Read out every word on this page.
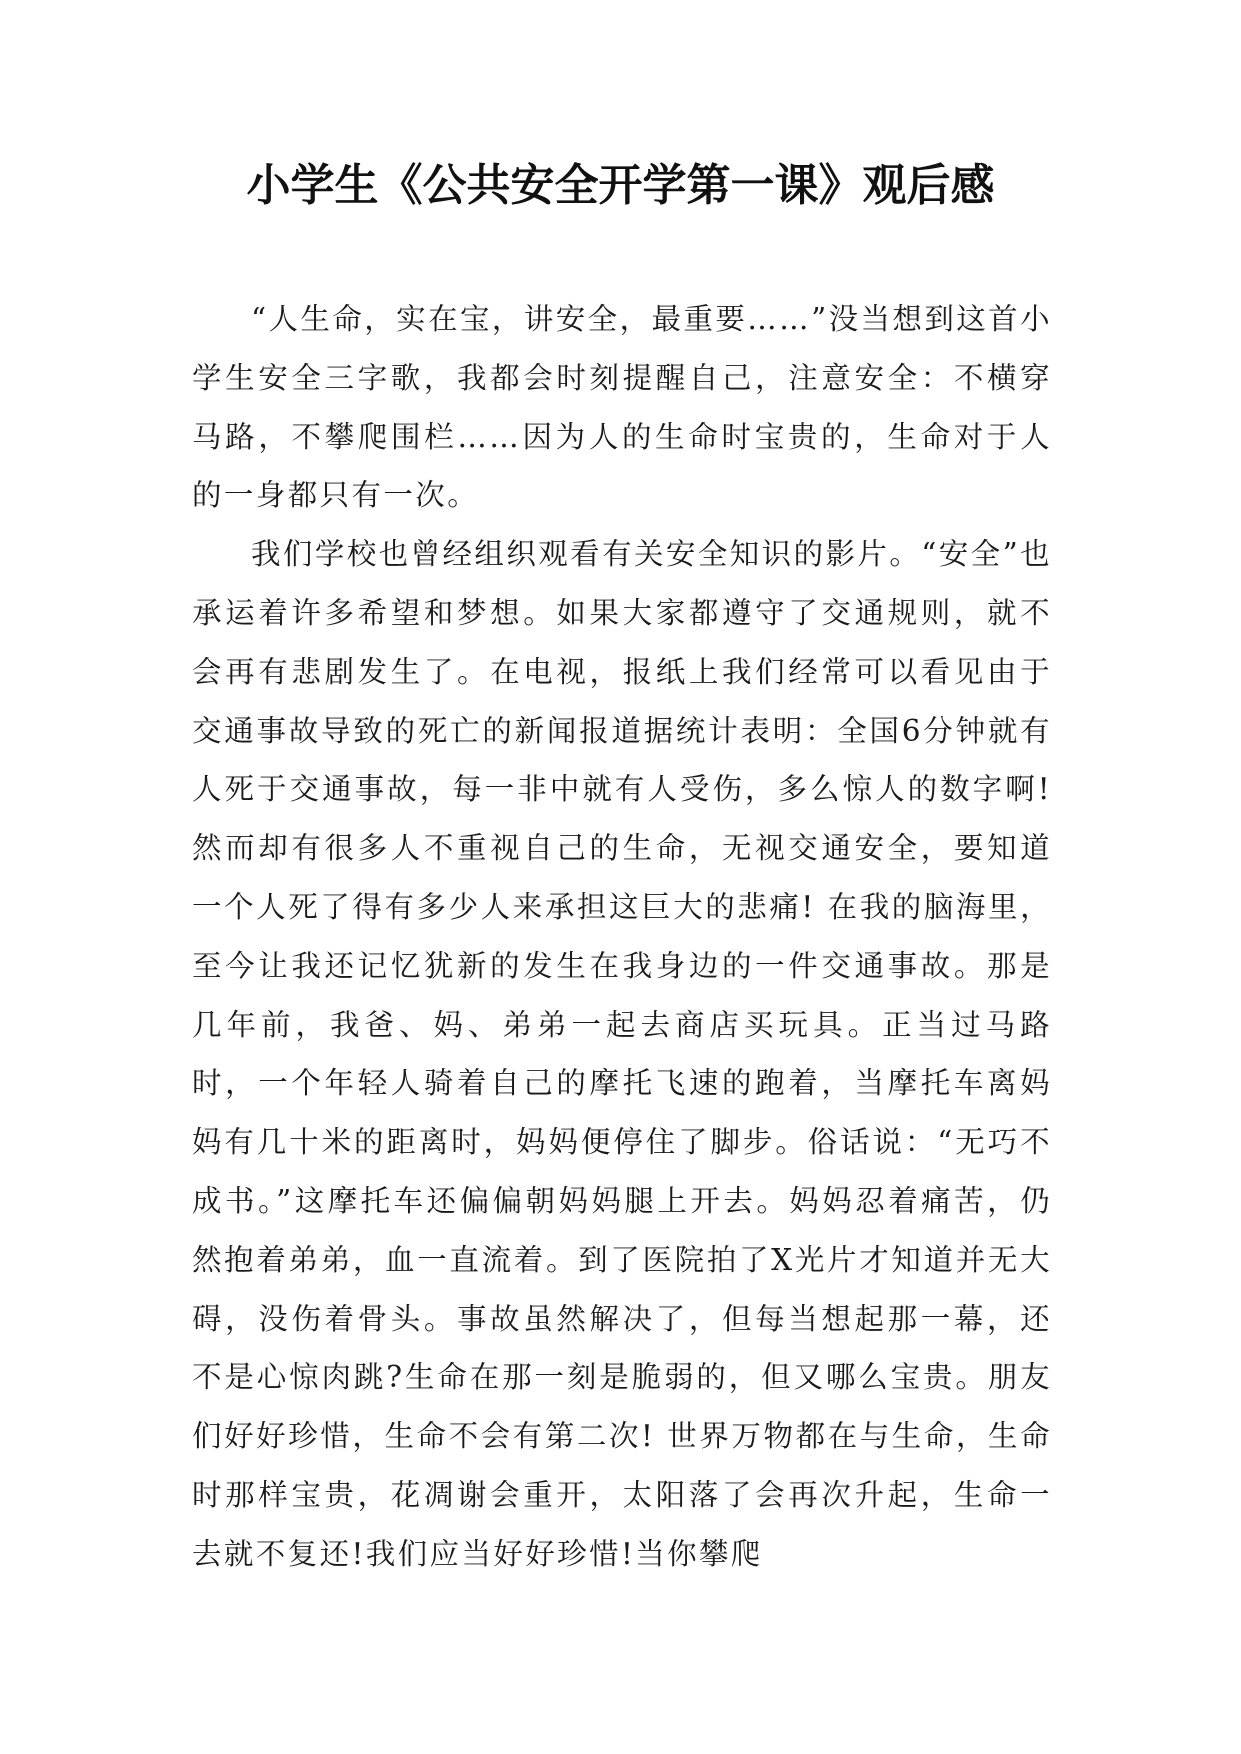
小学生《公共安全开学第一课》观后感

“人生命，实在宝，讲安全，最重要……”没当想到这首小学生安全三字歌，我都会时刻提醒自己，注意安全：不横穿马路，不攀爬围栏……因为人的生命时宝贵的，生命对于人的一身都只有一次。

我们学校也曾经组织观看有关安全知识的影片。“安全”也承运着许多希望和梦想。如果大家都遵守了交通规则，就不会再有悲剧发生了。在电视，报纸上我们经常可以看见由于交通事故导致的死亡的新闻报道据统计表明：全国6分钟就有人死于交通事故，每一非中就有人受伤，多么惊人的数字啊!然而却有很多人不重视自己的生命，无视交通安全，要知道一个人死了得有多少人来承担这巨大的悲痛! 在我的脑海里，至今让我还记忆犹新的发生在我身边的一件交通事故。那是几年前，我爸、妈、弟弟一起去商店买玩具。正当过马路时，一个年轻人骑着自己的摩托飞速的跑着，当摩托车离妈妈有几十米的距离时，妈妈便停住了脚步。俗话说：“无巧不成书。”这摩托车还偏偏朝妈妈腿上开去。妈妈忍着痛苦，仍然抱着弟弟，血一直流着。到了医院拍了X光片才知道并无大碍，没伤着骨头。事故虽然解决了，但每当想起那一幕，还不是心惊肉跳?生命在那一刻是脆弱的，但又哪么宝贵。朋友们好好珍惜，生命不会有第二次! 世界万物都在与生命，生命时那样宝贵，花凋谢会重开，太阳落了会再次升起，生命一去就不复还!我们应当好好珍惜!当你攀爬
